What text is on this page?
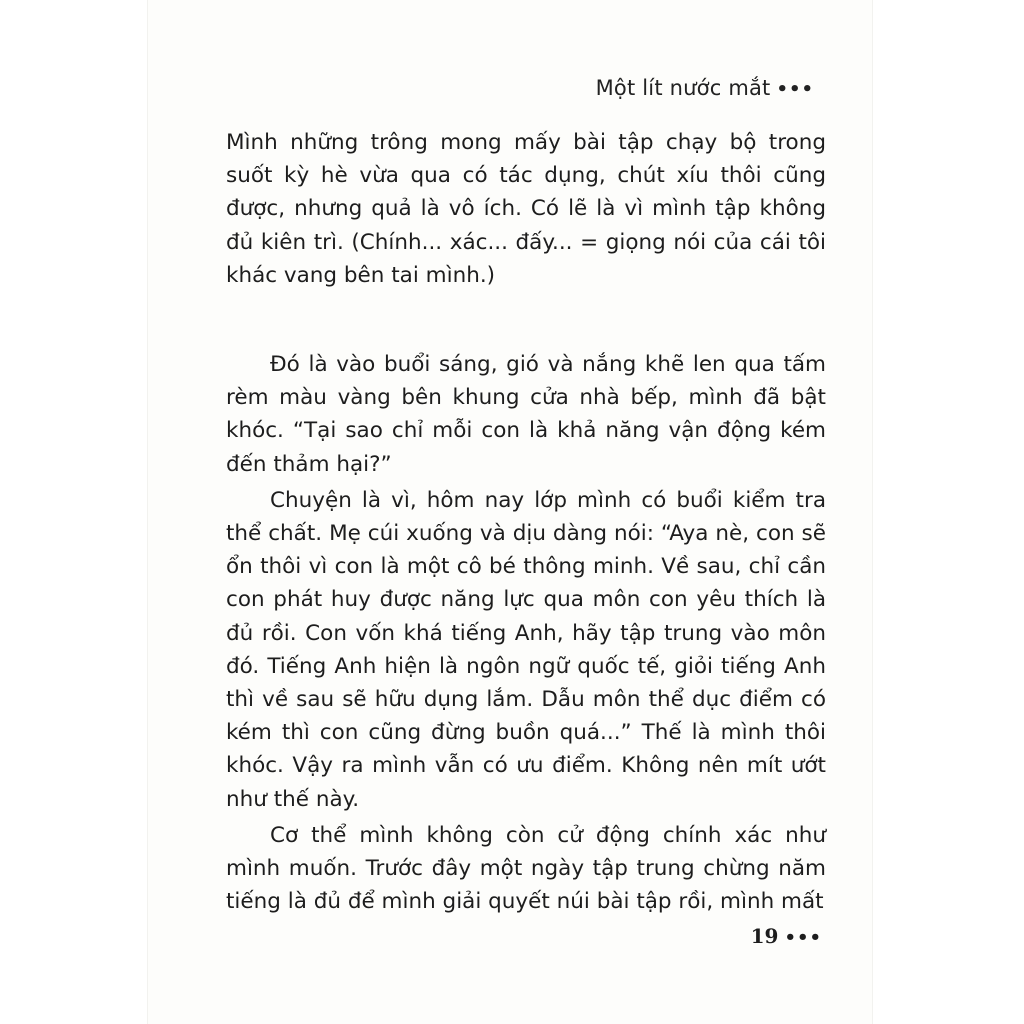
Một lít nước mắt •••

Mình những trông mong mấy bài tập chạy bộ trong suốt kỳ hè vừa qua có tác dụng, chút xíu thôi cũng được, nhưng quả là vô ích. Có lẽ là vì mình tập không đủ kiên trì. (Chính... xác... đấy... = giọng nói của cái tôi khác vang bên tai mình.)

Đó là vào buổi sáng, gió và nắng khẽ len qua tấm rèm màu vàng bên khung cửa nhà bếp, mình đã bật khóc. “Tại sao chỉ mỗi con là khả năng vận động kém đến thảm hại?”

Chuyện là vì, hôm nay lớp mình có buổi kiểm tra thể chất. Mẹ cúi xuống và dịu dàng nói: “Aya nè, con sẽ ổn thôi vì con là một cô bé thông minh. Về sau, chỉ cần con phát huy được năng lực qua môn con yêu thích là đủ rồi. Con vốn khá tiếng Anh, hãy tập trung vào môn đó. Tiếng Anh hiện là ngôn ngữ quốc tế, giỏi tiếng Anh thì về sau sẽ hữu dụng lắm. Dẫu môn thể dục điểm có kém thì con cũng đừng buồn quá...” Thế là mình thôi khóc. Vậy ra mình vẫn có ưu điểm. Không nên mít ướt như thế này.

Cơ thể mình không còn cử động chính xác như mình muốn. Trước đây một ngày tập trung chừng năm tiếng là đủ để mình giải quyết núi bài tập rồi, mình mất

19 •••
